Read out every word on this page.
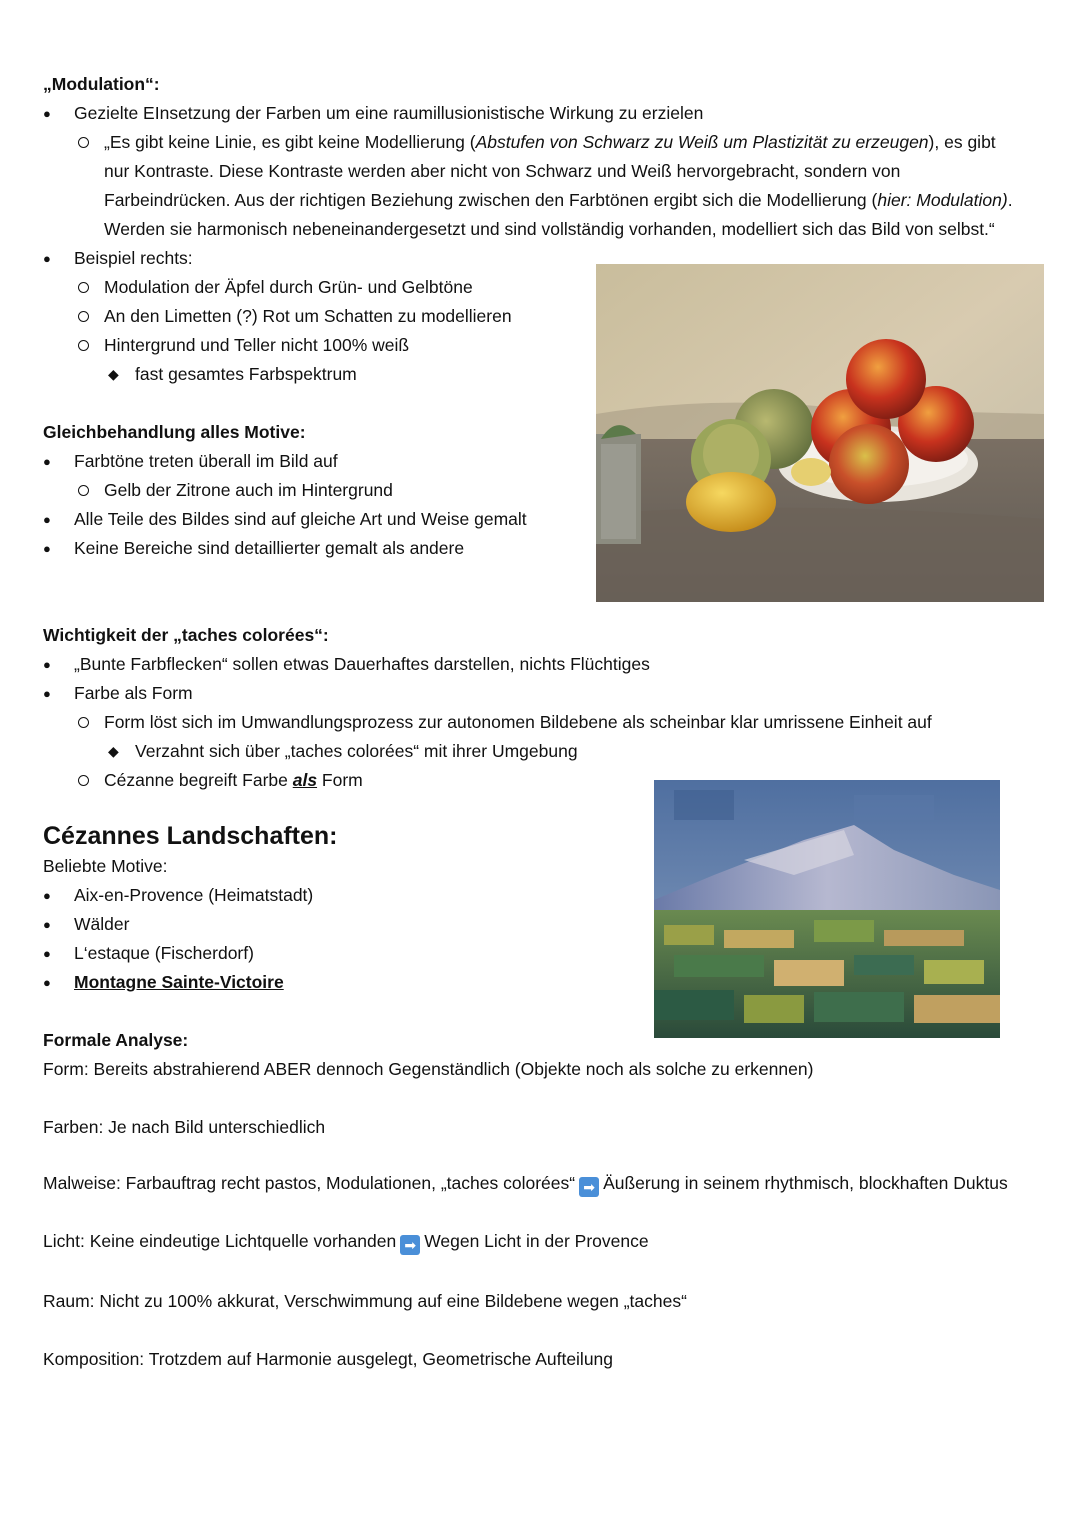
„Modulation“:
● Gezielte EInsetzung der Farben um eine raumillusionistische Wirkung zu erzielen
„Es gibt keine Linie, es gibt keine Modellierung (Abstufen von Schwarz zu Weiß um Plastizität zu erzeugen), es gibt
nur Kontraste. Diese Kontraste werden aber nicht von Schwarz und Weiß hervorgebracht, sondern von
Farbeindrücken. Aus der richtigen Beziehung zwischen den Farbtönen ergibt sich die Modellierung (hier: Modulation).
Werden sie harmonisch nebeneinandergesetzt und sind vollständig vorhanden, modelliert sich das Bild von selbst.“
● Beispiel rechts:
Modulation der Äpfel durch Grün- und Gelbtöne
An den Limetten (?) Rot um Schatten zu modellieren
Hintergrund und Teller nicht 100% weiß
◆ fast gesamtes Farbspektrum
Gleichbehandlung alles Motive:
● Farbtöne treten überall im Bild auf
Gelb der Zitrone auch im Hintergrund
● Alle Teile des Bildes sind auf gleiche Art und Weise gemalt
● Keine Bereiche sind detaillierter gemalt als andere
Wichtigkeit der „taches colorées“:
● „Bunte Farbflecken“ sollen etwas Dauerhaftes darstellen, nichts Flüchtiges
● Farbe als Form
Form löst sich im Umwandlungsprozess zur autonomen Bildebene als scheinbar klar umrissene Einheit auf
◆ Verzahnt sich über „taches colorées“ mit ihrer Umgebung
Cézanne begreift Farbe als Form
Cézannes Landschaften:
Beliebte Motive:
● Aix-en-Provence (Heimatstadt)
● Wälder
● L‘estaque (Fischerdorf)
● Montagne Sainte-Victoire
Formale Analyse:
Form: Bereits abstrahierend ABER dennoch Gegenständlich (Objekte noch als solche zu erkennen)
Farben: Je nach Bild unterschiedlich
Malweise: Farbauftrag recht pastos, Modulationen, „taches colorées“ ➡ Äußerung in seinem rhythmisch, blockhaften Duktus
Licht: Keine eindeutige Lichtquelle vorhanden ➡ Wegen Licht in der Provence
Raum: Nicht zu 100% akkurat, Verschwimmung auf eine Bildebene wegen „taches“
Komposition: Trotzdem auf Harmonie ausgelegt, Geometrische Aufteilung
